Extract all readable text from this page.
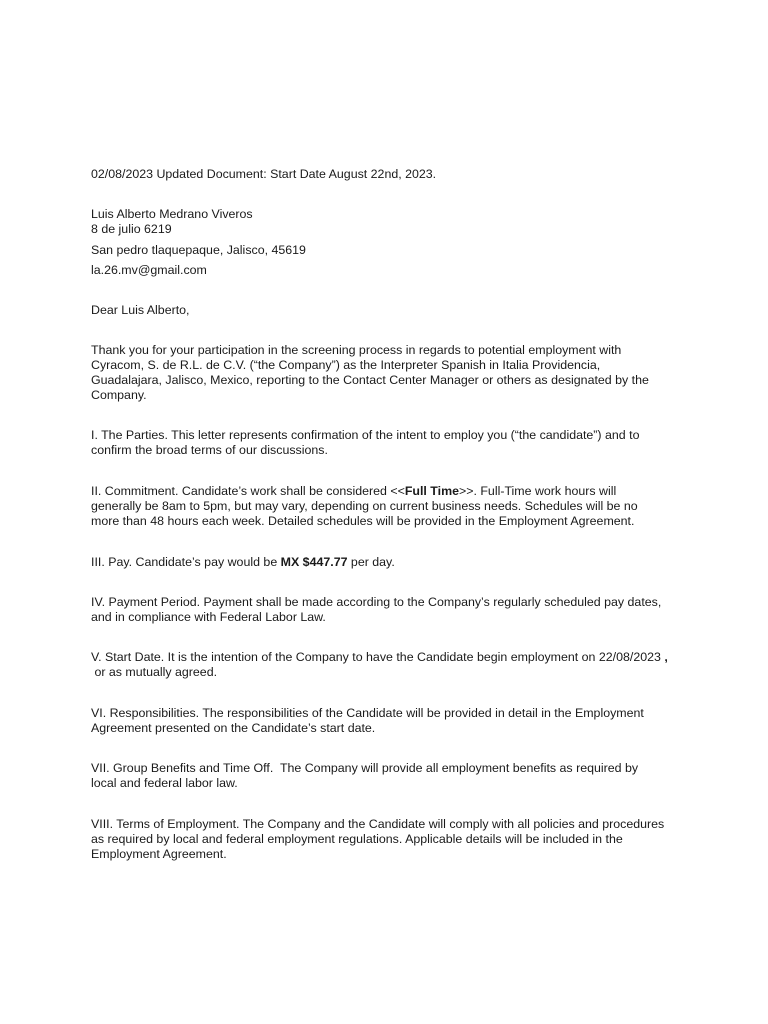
02/08/2023 Updated Document: Start Date August 22nd, 2023.

Luis Alberto Medrano Viveros
8 de julio 6219
San pedro tlaquepaque, Jalisco, 45619
la.26.mv@gmail.com

Dear Luis Alberto,

Thank you for your participation in the screening process in regards to potential employment with
Cyracom, S. de R.L. de C.V. (“the Company”) as the Interpreter Spanish in Italia Providencia,
Guadalajara, Jalisco, Mexico, reporting to the Contact Center Manager or others as designated by the
Company.

I. The Parties. This letter represents confirmation of the intent to employ you (“the candidate”) and to
confirm the broad terms of our discussions.

II. Commitment. Candidate’s work shall be considered <<Full Time>>. Full-Time work hours will
generally be 8am to 5pm, but may vary, depending on current business needs. Schedules will be no
more than 48 hours each week. Detailed schedules will be provided in the Employment Agreement.

III. Pay. Candidate’s pay would be MX $447.77 per day.

IV. Payment Period. Payment shall be made according to the Company’s regularly scheduled pay dates,
and in compliance with Federal Labor Law.

V. Start Date. It is the intention of the Company to have the Candidate begin employment on 22/08/2023 ,
or as mutually agreed.

VI. Responsibilities. The responsibilities of the Candidate will be provided in detail in the Employment
Agreement presented on the Candidate’s start date.

VII. Group Benefits and Time Off.  The Company will provide all employment benefits as required by
local and federal labor law.

VIII. Terms of Employment. The Company and the Candidate will comply with all policies and procedures
as required by local and federal employment regulations. Applicable details will be included in the
Employment Agreement.
